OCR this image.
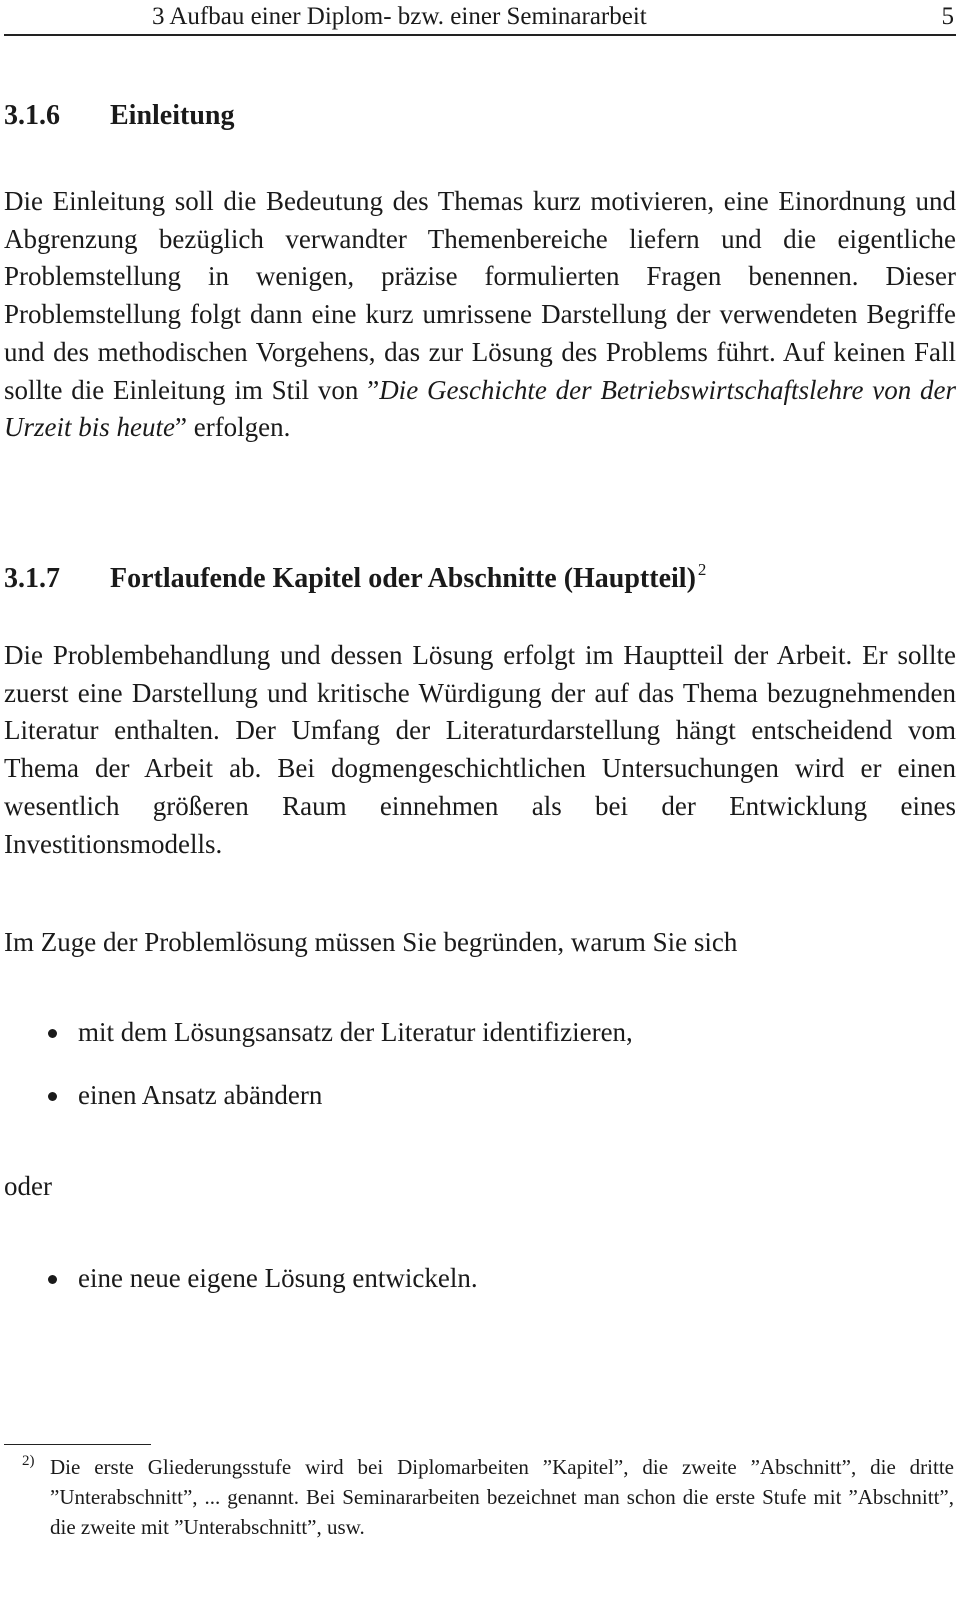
3 Aufbau einer Diplom- bzw. einer Seminararbeit	5
3.1.6 Einleitung
Die Einleitung soll die Bedeutung des Themas kurz motivieren, eine Einordnung und Abgrenzung bezüglich verwandter Themenbereiche liefern und die eigentliche Problemstellung in wenigen, präzise formulierten Fragen benennen. Dieser Problemstellung folgt dann eine kurz umrissene Darstellung der verwendeten Begriffe und des methodischen Vorgehens, das zur Lösung des Problems führt. Auf keinen Fall sollte die Einleitung im Stil von ”Die Geschichte der Betriebswirtschaftslehre von der Urzeit bis heute” erfolgen.
3.1.7 Fortlaufende Kapitel oder Abschnitte (Hauptteil) $^2$
Die Problembehandlung und dessen Lösung erfolgt im Hauptteil der Arbeit. Er sollte zuerst eine Darstellung und kritische Würdigung der auf das Thema bezugnehmenden Literatur enthalten. Der Umfang der Literaturdarstellung hängt entscheidend vom Thema der Arbeit ab. Bei dogmengeschichtlichen Untersuchungen wird er einen wesentlich größeren Raum einnehmen als bei der Entwicklung eines Investitionsmodells.
Im Zuge der Problemlösung müssen Sie begründen, warum Sie sich
mit dem Lösungsansatz der Literatur identifizieren,
einen Ansatz abändern
oder
eine neue eigene Lösung entwickeln.
2) Die erste Gliederungsstufe wird bei Diplomarbeiten ”Kapitel”, die zweite ”Abschnitt”, die dritte ”Unterabschnitt”, ... genannt. Bei Seminararbeiten bezeichnet man schon die erste Stufe mit ”Abschnitt”, die zweite mit ”Unterabschnitt”, usw.
